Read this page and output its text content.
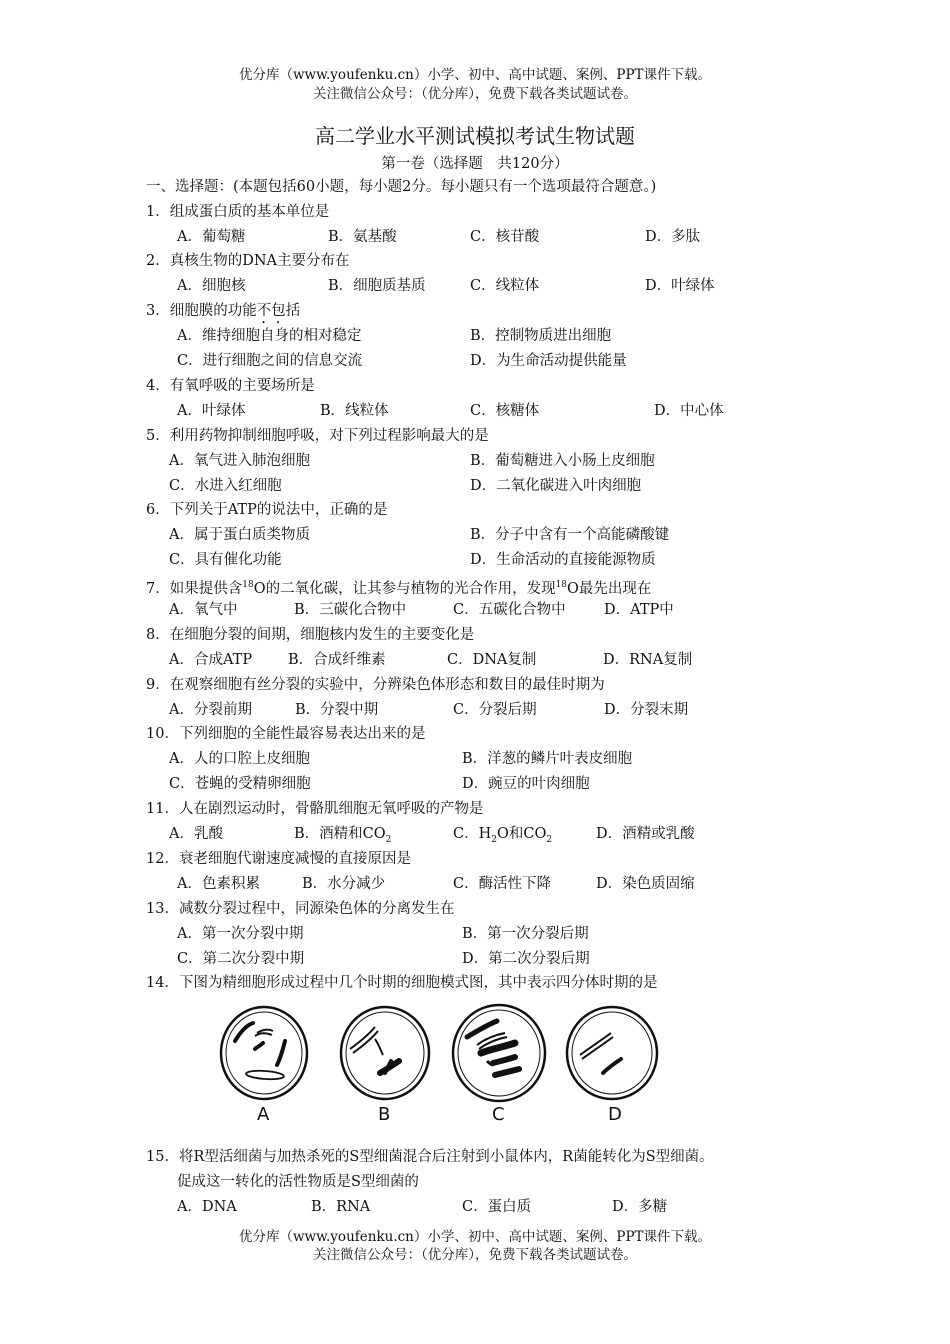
优分库（www.youfenku.cn）小学、初中、高中试题、案例、PPT课件下载。
关注微信公众号：（优分库），免费下载各类试题试卷。
高二学业水平测试模拟考试生物试题
第一卷（选择题　共120分）
一、选择题：(本题包括60小题，每小题2分。每小题只有一个选项最符合题意。)
1．组成蛋白质的基本单位是
A．葡萄糖	B．氨基酸	C．核苷酸	D．多肽
2．真核生物的DNA主要分布在
A．细胞核	B．细胞质基质	C．线粒体	D．叶绿体
3．细胞膜的功能不包括
A．维持细胞自身的相对稳定	B．控制物质进出细胞
C．进行细胞之间的信息交流	D．为生命活动提供能量
4．有氧呼吸的主要场所是
A．叶绿体	B．线粒体	C．核糖体	D．中心体
5．利用药物抑制细胞呼吸，对下列过程影响最大的是
A．氧气进入肺泡细胞	B．葡萄糖进入小肠上皮细胞
C．水进入红细胞	D．二氧化碳进入叶肉细胞
6．下列关于ATP的说法中，正确的是
A．属于蛋白质类物质	B．分子中含有一个高能磷酸键
C．具有催化功能	D．生命活动的直接能源物质
7．如果提供含$^{18}$O的二氧化碳，让其参与植物的光合作用，发现$^{18}$O最先出现在
A．氧气中	B．三碳化合物中	C．五碳化合物中	D．ATP中
8．在细胞分裂的间期，细胞核内发生的主要变化是
A．合成ATP B．合成纤维素	C．DNA复制	D．RNA复制
9．在观察细胞有丝分裂的实验中，分辨染色体形态和数目的最佳时期为
A．分裂前期	B．分裂中期	C．分裂后期	D．分裂末期
10．下列细胞的全能性最容易表达出来的是
A．人的口腔上皮细胞	B．洋葱的鳞片叶表皮细胞
C．苍蝇的受精卵细胞	D．豌豆的叶肉细胞
11．人在剧烈运动时，骨骼肌细胞无氧呼吸的产物是
A．乳酸	B．酒精和$CO_2$	C．$H_2O$和$CO_2$	D．酒精或乳酸
12．衰老细胞代谢速度减慢的直接原因是
A．色素积累	B．水分减少	C．酶活性下降	D．染色质固缩
13．减数分裂过程中，同源染色体的分离发生在
A．第一次分裂中期	B．第一次分裂后期
C．第二次分裂中期	D．第二次分裂后期
14．下图为精细胞形成过程中几个时期的细胞模式图，其中表示四分体时期的是
A	B	C	D
15．将R型活细菌与加热杀死的S型细菌混合后注射到小鼠体内，R菌能转化为S型细菌。
促成这一转化的活性物质是S型细菌的
A．DNA	B．RNA	C．蛋白质	D．多糖
优分库（www.youfenku.cn）小学、初中、高中试题、案例、PPT课件下载。
关注微信公众号：（优分库），免费下载各类试题试卷。
